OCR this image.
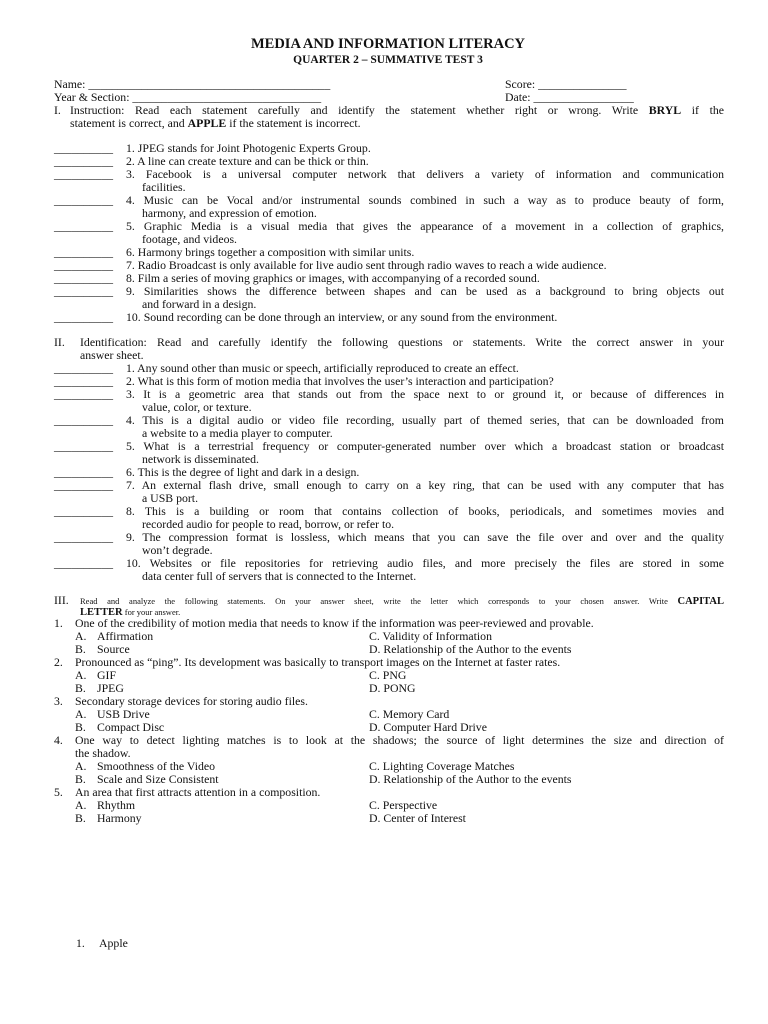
MEDIA AND INFORMATION LITERACY
QUARTER 2 – SUMMATIVE TEST 3
Name: _________________________________________	Score: _______________
Year & Section: ________________________________	Date: _________________
I. Instruction: Read each statement carefully and identify the statement whether right or wrong. Write BRYL if the
statement is correct, and APPLE if the statement is incorrect.
__________ 1. JPEG stands for Joint Photogenic Experts Group.
__________ 2. A line can create texture and can be thick or thin.
__________ 3. Facebook is a universal computer network that delivers a variety of information and communication
facilities.
__________ 4. Music can be Vocal and/or instrumental sounds combined in such a way as to produce beauty of form,
harmony, and expression of emotion.
__________ 5. Graphic Media is a visual media that gives the appearance of a movement in a collection of graphics,
footage, and videos.
__________ 6. Harmony brings together a composition with similar units.
__________ 7. Radio Broadcast is only available for live audio sent through radio waves to reach a wide audience.
__________ 8. Film a series of moving graphics or images, with accompanying of a recorded sound.
__________ 9. Similarities shows the difference between shapes and can be used as a background to bring objects out
and forward in a design.
__________ 10. Sound recording can be done through an interview, or any sound from the environment.
II. Identification: Read and carefully identify the following questions or statements. Write the correct answer in your
answer sheet.
__________ 1. Any sound other than music or speech, artificially reproduced to create an effect.
__________ 2. What is this form of motion media that involves the user’s interaction and participation?
__________ 3. It is a geometric area that stands out from the space next to or ground it, or because of differences in
value, color, or texture.
__________ 4. This is a digital audio or video file recording, usually part of themed series, that can be downloaded from
a website to a media player to computer.
__________ 5. What is a terrestrial frequency or computer-generated number over which a broadcast station or broadcast
network is disseminated.
__________ 6. This is the degree of light and dark in a design.
__________ 7. An external flash drive, small enough to carry on a key ring, that can be used with any computer that has
a USB port.
__________ 8. This is a building or room that contains collection of books, periodicals, and sometimes movies and
recorded audio for people to read, borrow, or refer to.
__________ 9. The compression format is lossless, which means that you can save the file over and over and the quality
won’t degrade.
__________ 10. Websites or file repositories for retrieving audio files, and more precisely the files are stored in some
data center full of servers that is connected to the Internet.
III. Read and analyze the following statements. On your answer sheet, write the letter which corresponds to your chosen answer. Write CAPITAL
LETTER for your answer.
1. One of the credibility of motion media that needs to know if the information was peer-reviewed and provable.
A. Affirmation	C. Validity of Information
B. Source	D. Relationship of the Author to the events
2. Pronounced as “ping”. Its development was basically to transport images on the Internet at faster rates.
A. GIF	C. PNG
B. JPEG	D. PONG
3. Secondary storage devices for storing audio files.
A. USB Drive	C. Memory Card
B. Compact Disc	D. Computer Hard Drive
4. One way to detect lighting matches is to look at the shadows; the source of light determines the size and direction of
the shadow.
A. Smoothness of the Video	C. Lighting Coverage Matches
B. Scale and Size Consistent	D. Relationship of the Author to the events
5. An area that first attracts attention in a composition.
A. Rhythm	C. Perspective
B. Harmony	D. Center of Interest
1. Apple
